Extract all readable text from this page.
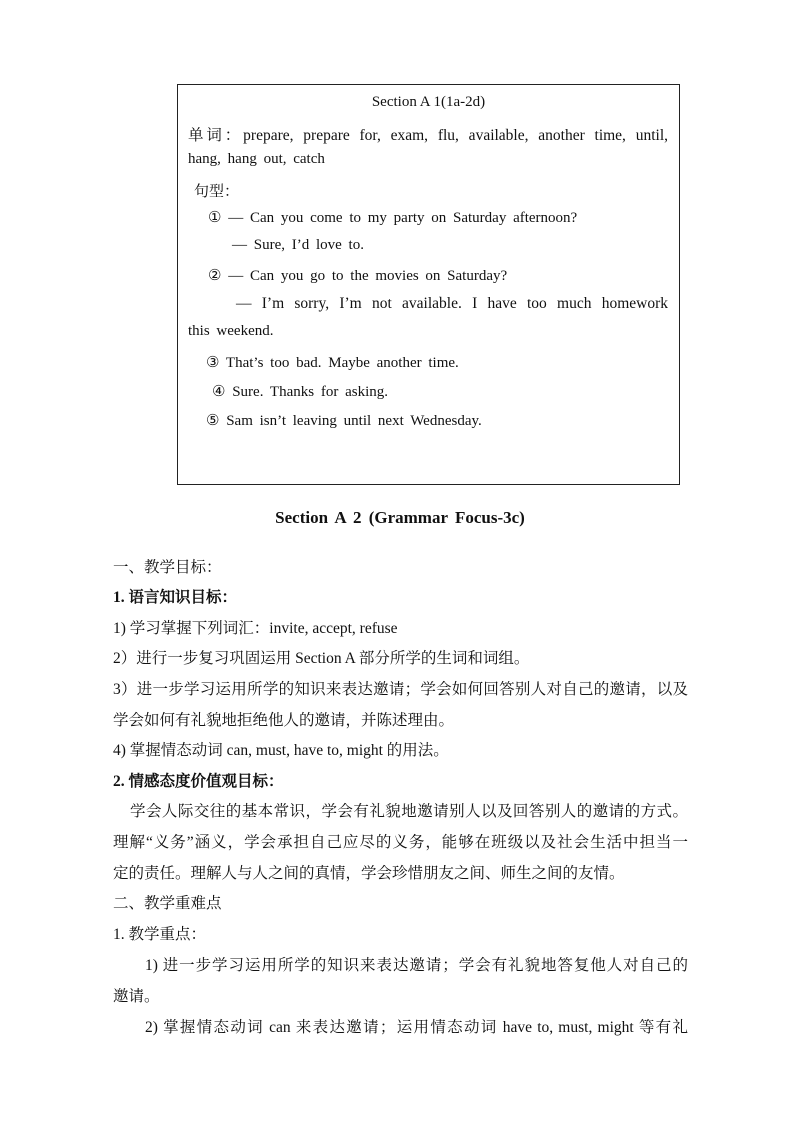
Section A 1(1a-2d)
单词：prepare, prepare for, exam, flu, available, another time, until,
hang, hang out, catch
句型：
① — Can you come to my party on Saturday afternoon?
— Sure, I’d love to.
② — Can you go to the movies on Saturday?
— I’m sorry, I’m not available. I have too much homework
this weekend.
③ That’s too bad. Maybe another time.
④ Sure. Thanks for asking.
⑤ Sam isn’t leaving until next Wednesday.
Section A 2 (Grammar Focus-3c)
一、教学目标：
1. 语言知识目标：
1) 学习掌握下列词汇：invite, accept, refuse
2）进行一步复习巩固运用 Section A 部分所学的生词和词组。
3）进一步学习运用所学的知识来表达邀请；学会如何回答别人对自己的邀请，以及
学会如何有礼貌地拒绝他人的邀请，并陈述理由。
4) 掌握情态动词 can, must, have to, might 的用法。
2. 情感态度价值观目标：
学会人际交往的基本常识，学会有礼貌地邀请别人以及回答别人的邀请的方式。
理解“义务”涵义，学会承担自己应尽的义务，能够在班级以及社会生活中担当一
定的责任。理解人与人之间的真情，学会珍惜朋友之间、师生之间的友情。
二、教学重难点
1. 教学重点：
1) 进一步学习运用所学的知识来表达邀请；学会有礼貌地答复他人对自己的
邀请。
2) 掌握情态动词 can 来表达邀请；运用情态动词 have to, must, might 等有礼
